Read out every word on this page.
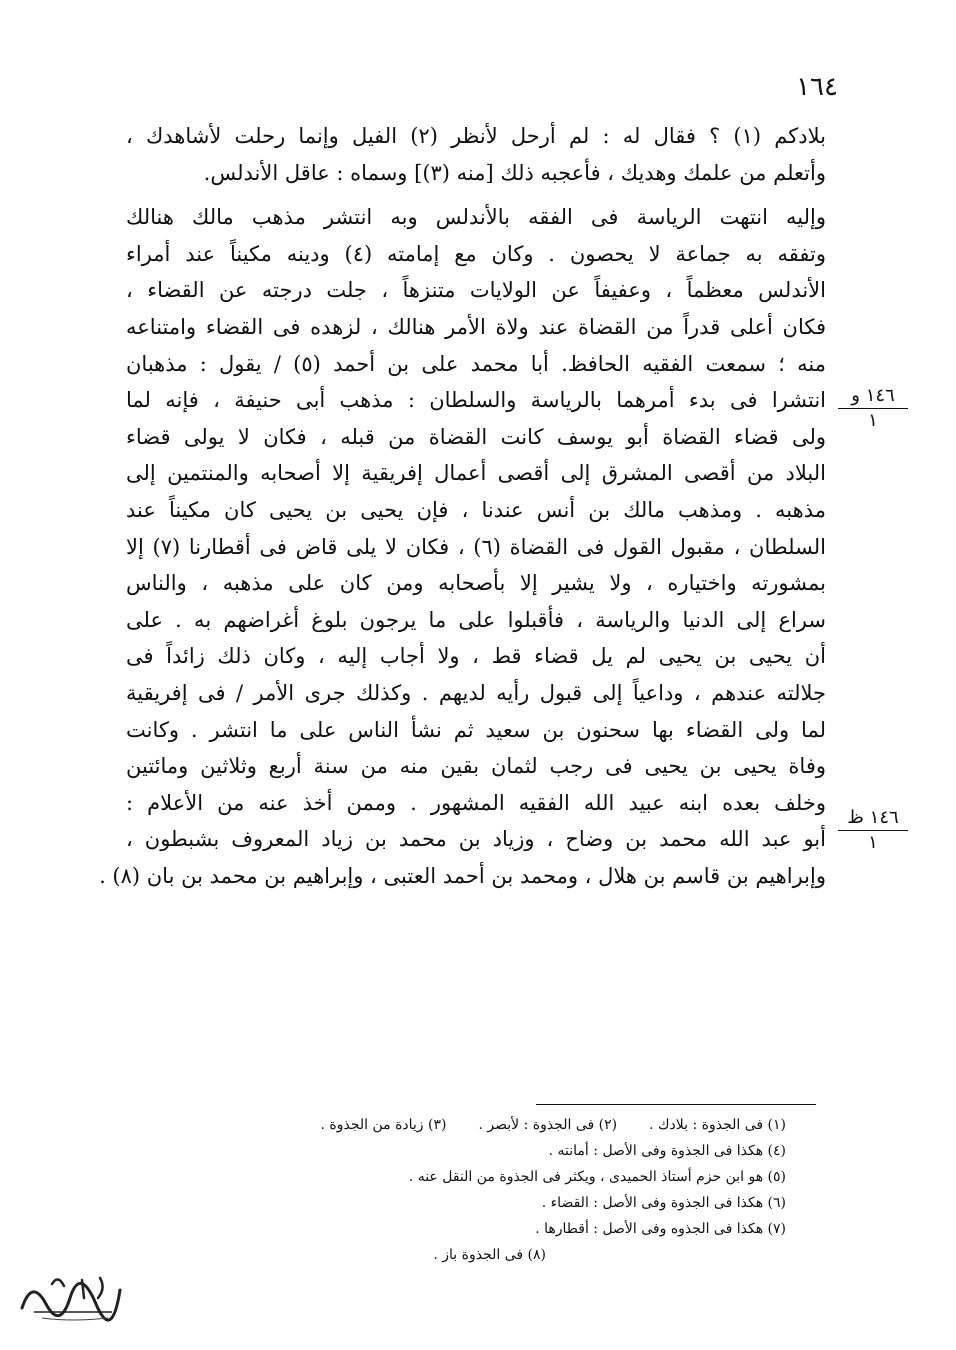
١٦٤

بلادكم (١) ؟ فقال له : لم أرحل لأنظر (٢) الفيل وإنما رحلت لأشاهدك ،
وأتعلم من علمك وهديك ، فأعجبه ذلك [منه (٣)] وسماه : عاقل الأندلس.

وإليه انتهت الرياسة فى الفقه بالأندلس وبه انتشر مذهب مالك هنالك
وتفقه به جماعة لا يحصون . وكان مع إمامته (٤) ودينه مكيناً عند أمراء
الأندلس معظماً ، وعفيفاً عن الولايات متنزهاً ، جلت درجته عن القضاء ،
فكان أعلى قدراً من القضاة عند ولاة الأمر هنالك ، لزهده فى القضاء وامتناعه
منه ؛ سمعت الفقيه الحافظ. أبا محمد على بن أحمد (٥) / يقول : مذهبان
انتشرا فى بدء أمرهما بالرياسة والسلطان : مذهب أبى حنيفة ، فإنه لما
ولى قضاء القضاة أبو يوسف كانت القضاة من قبله ، فكان لا يولى قضاء
البلاد من أقصى المشرق إلى أقصى أعمال إفريقية إلا أصحابه والمنتمين إلى
مذهبه . ومذهب مالك بن أنس عندنا ، فإن يحيى بن يحيى كان مكيناً عند
السلطان ، مقبول القول فى القضاة (٦) ، فكان لا يلى قاض فى أقطارنا (٧) إلا
بمشورته واختياره ، ولا يشير إلا بأصحابه ومن كان على مذهبه ، والناس
سراع إلى الدنيا والرياسة ، فأقبلوا على ما يرجون بلوغ أغراضهم به . على
أن يحيى بن يحيى لم يل قضاء قط ، ولا أجاب إليه ، وكان ذلك زائداً فى
جلالته عندهم ، وداعياً إلى قبول رأيه لديهم . وكذلك جرى الأمر / فى إفريقية
لما ولى القضاء بها سحنون بن سعيد ثم نشأ الناس على ما انتشر . وكانت
وفاة يحيى بن يحيى فى رجب لثمان بقين منه من سنة أربع وثلاثين ومائتين
وخلف بعده ابنه عبيد الله الفقيه المشهور . وممن أخذ عنه من الأعلام :
أبو عبد الله محمد بن وضاح ، وزياد بن محمد بن زياد المعروف بشبطون ،
وإبراهيم بن قاسم بن هلال ، ومحمد بن أحمد العتبى ، وإبراهيم بن محمد بن بان (٨) .

١٤٦ و
١
١٤٦ ظ
١
(١) فى الجذوة : بلادك .
(٢) فى الجذوة : لأبصر .
(٣) زيادة من الجذوة .
(٤) هكذا فى الجذوة وفى الأصل : أمانته .
(٥) هو ابن حزم أستاذ الحميدى ، ويكثر فى الجذوة من النقل عنه .
(٦) هكذا فى الجذوة وفى الأصل : القضاء .
(٧) هكذا فى الجذوه وفى الأصل : أقطارها .
(٨) فى الجذوة باز .
